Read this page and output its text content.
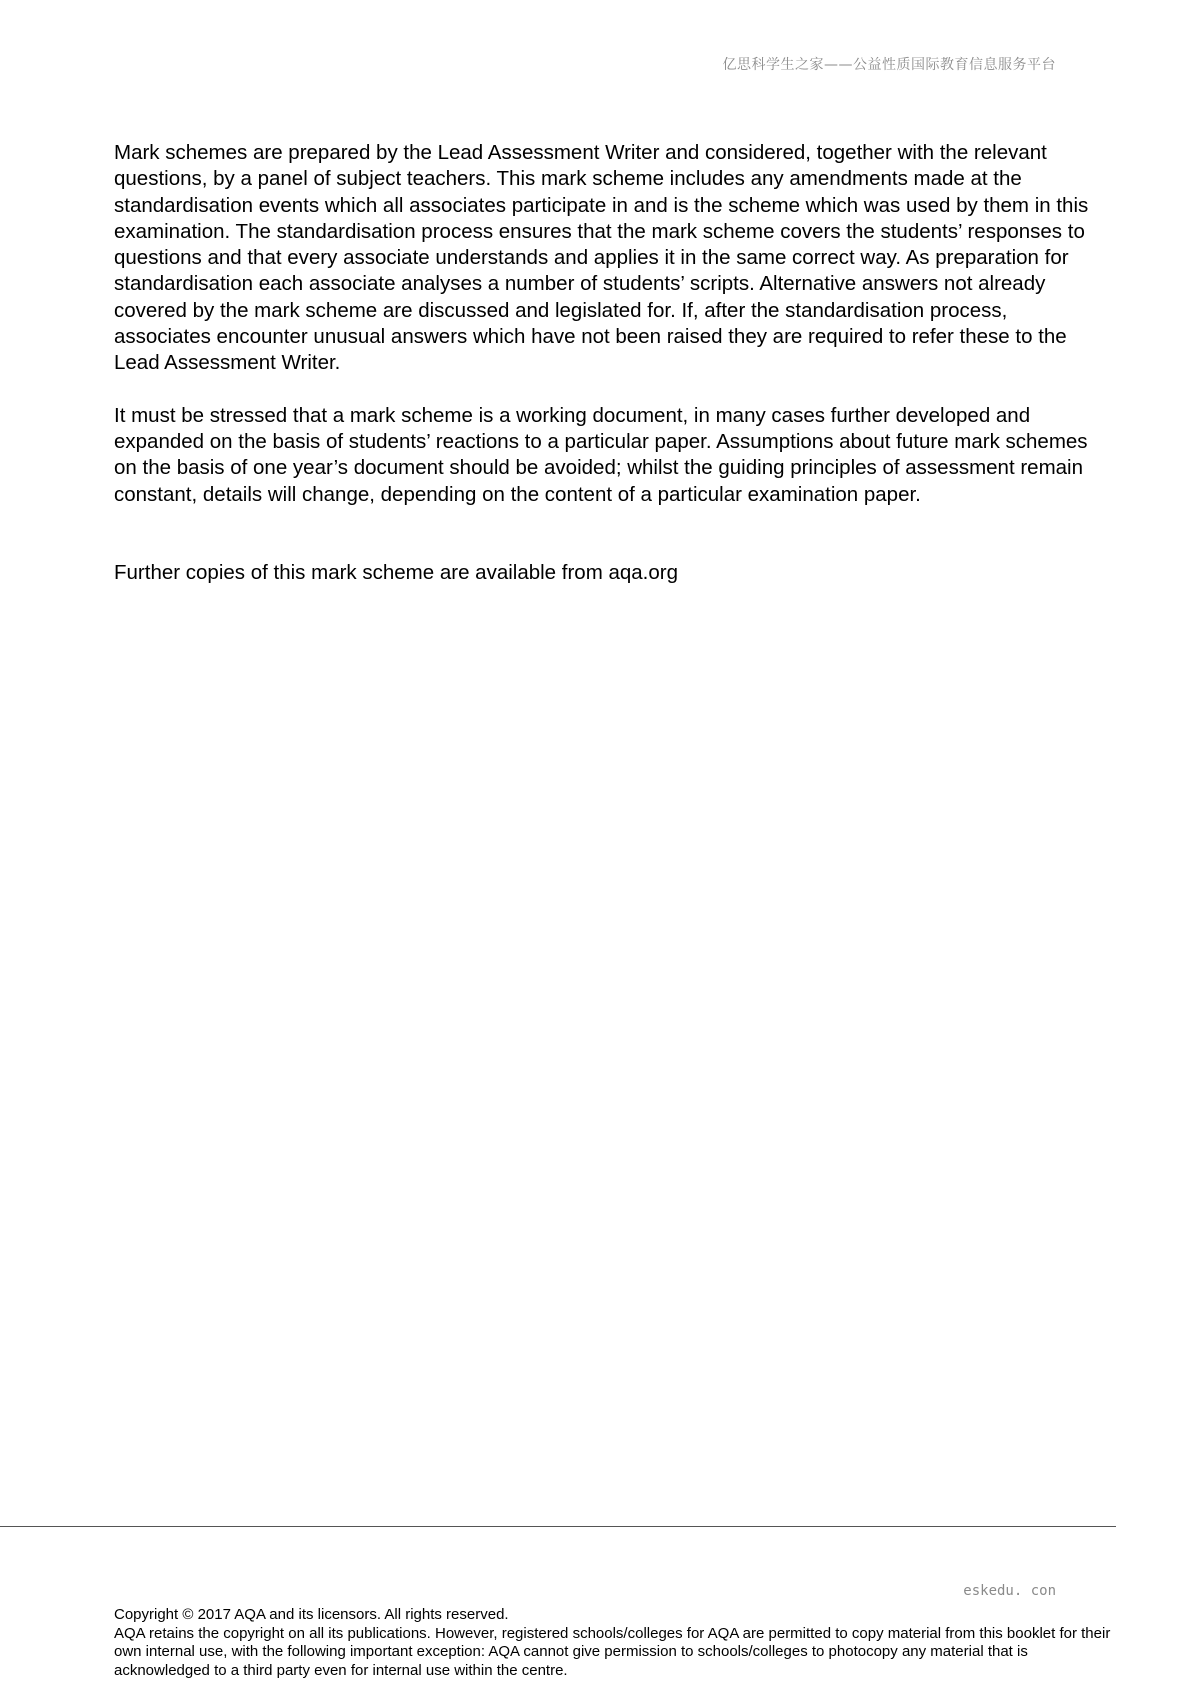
亿思科学生之家——公益性质国际教育信息服务平台

Mark schemes are prepared by the Lead Assessment Writer and considered, together with the relevant questions, by a panel of subject teachers. This mark scheme includes any amendments made at the standardisation events which all associates participate in and is the scheme which was used by them in this examination. The standardisation process ensures that the mark scheme covers the students’ responses to questions and that every associate understands and applies it in the same correct way. As preparation for standardisation each associate analyses a number of students’ scripts. Alternative answers not already covered by the mark scheme are discussed and legislated for. If, after the standardisation process, associates encounter unusual answers which have not been raised they are required to refer these to the Lead Assessment Writer.

It must be stressed that a mark scheme is a working document, in many cases further developed and expanded on the basis of students’ reactions to a particular paper. Assumptions about future mark schemes on the basis of one year’s document should be avoided; whilst the guiding principles of assessment remain constant, details will change, depending on the content of a particular examination paper.

Further copies of this mark scheme are available from aqa.org

eskedu. con

Copyright © 2017 AQA and its licensors. All rights reserved.

AQA retains the copyright on all its publications. However, registered schools/colleges for AQA are permitted to copy material from this booklet for their own internal use, with the following important exception: AQA cannot give permission to schools/colleges to photocopy any material that is acknowledged to a third party even for internal use within the centre.
